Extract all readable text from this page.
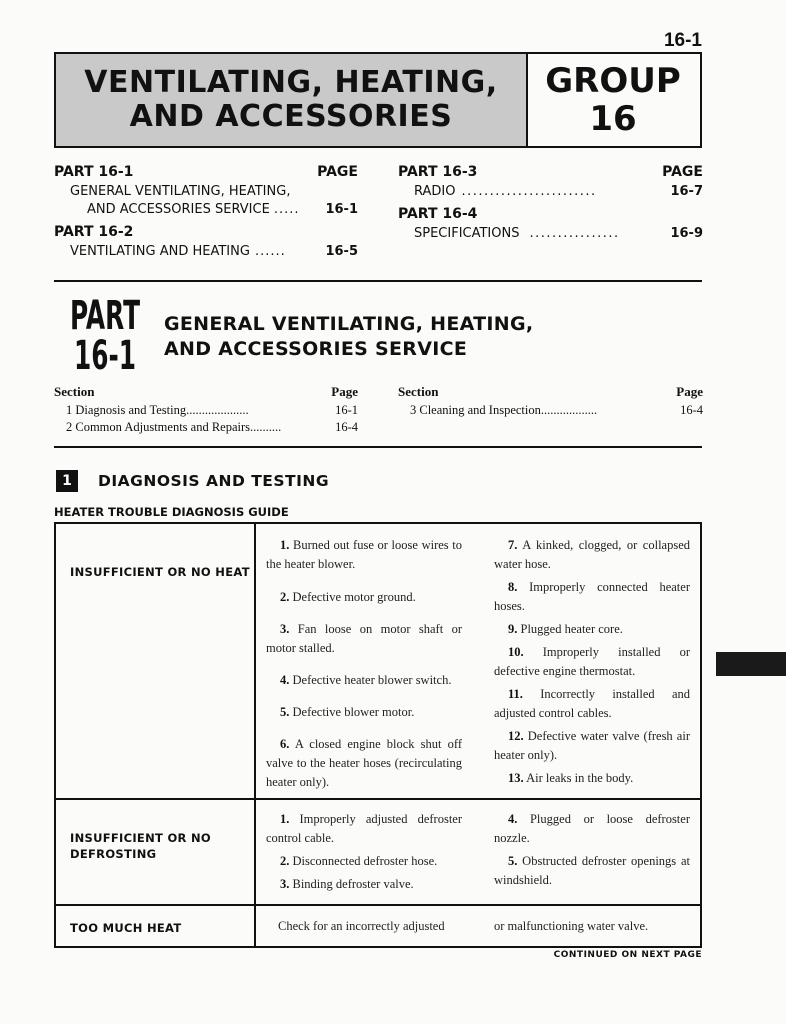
16-1
VENTILATING, HEATING,
AND ACCESSORIES
GROUP
16
PART 16-1	PAGE
GENERAL VENTILATING, HEATING,
AND ACCESSORIES SERVICE .....	16-1
PART 16-2
VENTILATING AND HEATING ......	16-5
PART 16-3	PAGE
RADIO ........................	16-7
PART 16-4
SPECIFICATIONS ................	16-9
PART
16-1
GENERAL VENTILATING, HEATING,
AND ACCESSORIES SERVICE
Section	Page
1
Diagnosis and Testing ....................	16-1
2
Common Adjustments and Repairs ..........	16-4
Section	Page
3
Cleaning and Inspection ..................	16-4
1	DIAGNOSIS AND TESTING
HEATER TROUBLE DIAGNOSIS GUIDE
INSUFFICIENT OR NO HEAT
1. Burned out fuse or loose wires to the heater blower.
2. Defective motor ground.
3. Fan loose on motor shaft or motor stalled.
4. Defective heater blower switch.
5. Defective blower motor.
6. A closed engine block shut off valve to the heater hoses (recirculating heater only).
7. A kinked, clogged, or collapsed water hose.
8. Improperly connected heater hoses.
9. Plugged heater core.
10. Improperly installed or defective engine thermostat.
11. Incorrectly installed and adjusted control cables.
12. Defective water valve (fresh air heater only).
13. Air leaks in the body.
INSUFFICIENT OR NO
DEFROSTING
1. Improperly adjusted defroster control cable.
2. Disconnected defroster hose.
3. Binding defroster valve.
4. Plugged or loose defroster nozzle.
5. Obstructed defroster openings at windshield.
TOO MUCH HEAT	Check for an incorrectly adjusted	or malfunctioning water valve.
CONTINUED ON NEXT PAGE
